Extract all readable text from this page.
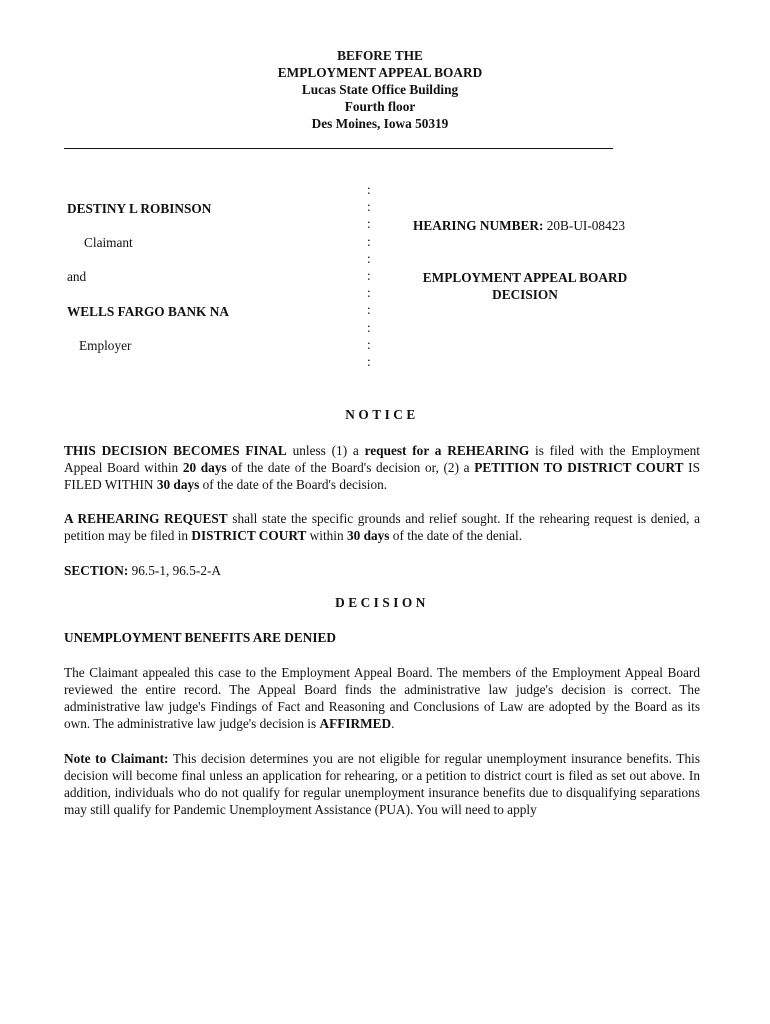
BEFORE THE
EMPLOYMENT APPEAL BOARD
Lucas State Office Building
Fourth floor
Des Moines, Iowa 50319
DESTINY L ROBINSON
Claimant
and
WELLS FARGO BANK NA
Employer
:
:
:
:
:
:
:
:
:
:
:
HEARING NUMBER: 20B-UI-08423
EMPLOYMENT APPEAL BOARD
DECISION
NOTICE
THIS DECISION BECOMES FINAL unless (1) a request for a REHEARING is filed with the Employment Appeal Board within 20 days of the date of the Board's decision or, (2) a PETITION TO DISTRICT COURT IS FILED WITHIN 30 days of the date of the Board's decision.
A REHEARING REQUEST shall state the specific grounds and relief sought. If the rehearing request is denied, a petition may be filed in DISTRICT COURT within 30 days of the date of the denial.
SECTION: 96.5-1, 96.5-2-A
DECISION
UNEMPLOYMENT BENEFITS ARE DENIED
The Claimant appealed this case to the Employment Appeal Board. The members of the Employment Appeal Board reviewed the entire record. The Appeal Board finds the administrative law judge's decision is correct. The administrative law judge's Findings of Fact and Reasoning and Conclusions of Law are adopted by the Board as its own. The administrative law judge's decision is AFFIRMED.
Note to Claimant: This decision determines you are not eligible for regular unemployment insurance benefits. This decision will become final unless an application for rehearing, or a petition to district court is filed as set out above. In addition, individuals who do not qualify for regular unemployment insurance benefits due to disqualifying separations may still qualify for Pandemic Unemployment Assistance (PUA). You will need to apply
